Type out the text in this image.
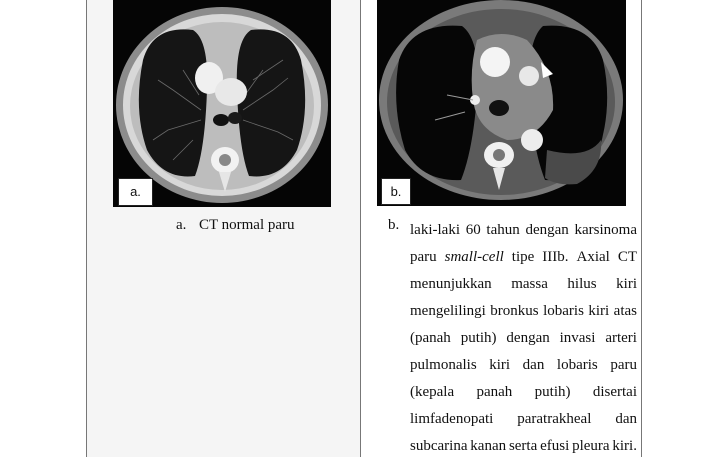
a.	b.
a. CT normal paru	b. laki-laki 60 tahun dengan karsinoma
paru small-cell tipe IIIb. Axial CT
menunjukkan massa hilus kiri
mengelilingi bronkus lobaris kiri atas
(panah putih) dengan invasi arteri
pulmonalis kiri dan lobaris paru
(kepala panah putih) disertai
limfadenopati paratrakheal dan
subcarina kanan serta efusi pleura kiri.
